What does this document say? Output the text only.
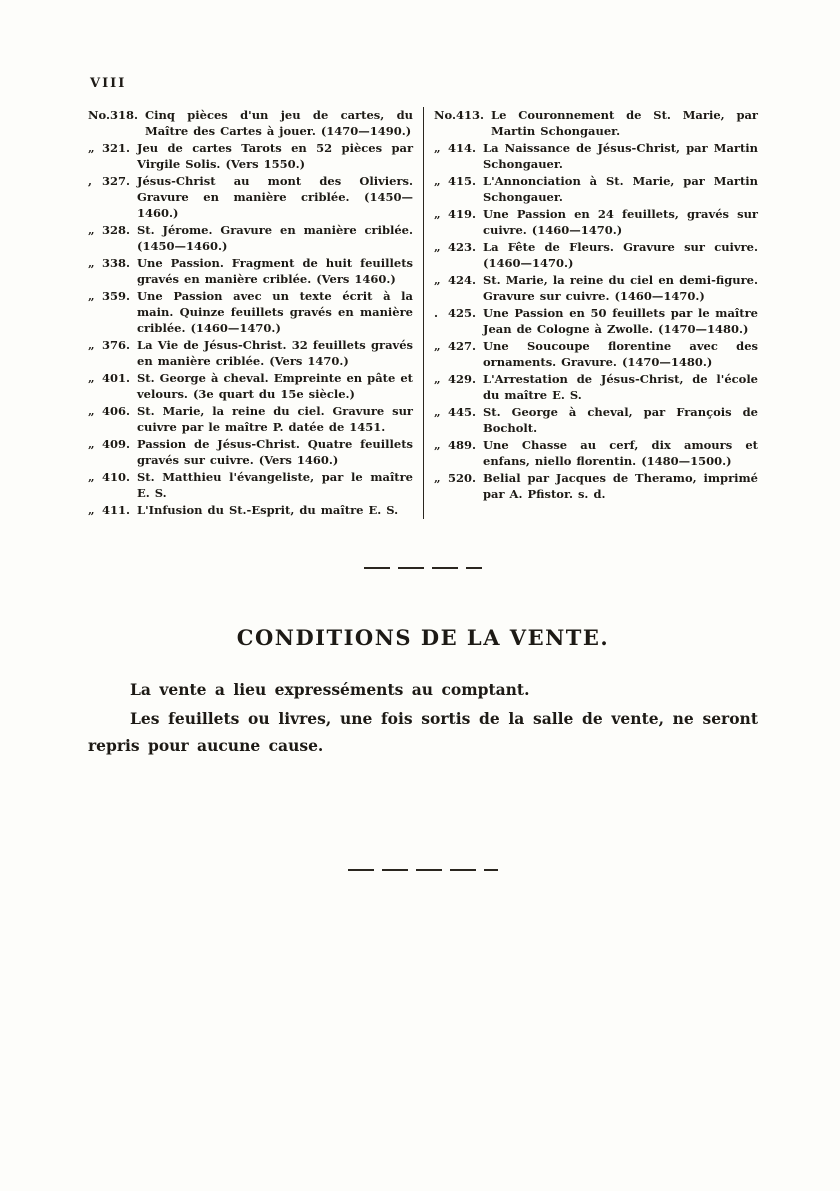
VIII
No. 318. Cinq pièces d'un jeu de cartes, du Maître des Cartes à jouer. (1470—1490.)
„ 321. Jeu de cartes Tarots en 52 pièces par Virgile Solis. (Vers 1550.)
, 327. Jésus-Christ au mont des Oliviers. Gravure en manière criblée. (1450—1460.)
„ 328. St. Jérome. Gravure en manière criblée. (1450—1460.)
„ 338. Une Passion. Fragment de huit feuillets gravés en manière criblée. (Vers 1460.)
„ 359. Une Passion avec un texte écrit à la main. Quinze feuillets gravés en manière criblée. (1460—1470.)
„ 376. La Vie de Jésus-Christ. 32 feuillets gravés en manière criblée. (Vers 1470.)
„ 401. St. George à cheval. Empreinte en pâte et velours. (3e quart du 15e siècle.)
„ 406. St. Marie, la reine du ciel. Gravure sur cuivre par le maître P. datée de 1451.
„ 409. Passion de Jésus-Christ. Quatre feuillets gravés sur cuivre. (Vers 1460.)
„ 410. St. Matthieu l'évangeliste, par le maître E. S.
„ 411. L'Infusion du St.-Esprit, du maître E. S.
No. 413. Le Couronnement de St. Marie, par Martin Schongauer.
„ 414. La Naissance de Jésus-Christ, par Martin Schongauer.
„ 415. L'Annonciation à St. Marie, par Martin Schongauer.
„ 419. Une Passion en 24 feuillets, gravés sur cuivre. (1460—1470.)
„ 423. La Fête de Fleurs. Gravure sur cuivre. (1460—1470.)
„ 424. St. Marie, la reine du ciel en demi-figure. Gravure sur cuivre. (1460—1470.)
. 425. Une Passion en 50 feuillets par le maître Jean de Cologne à Zwolle. (1470—1480.)
„ 427. Une Soucoupe florentine avec des ornaments. Gravure. (1470—1480.)
„ 429. L'Arrestation de Jésus-Christ, de l'école du maître E. S.
„ 445. St. George à cheval, par François de Bocholt.
„ 489. Une Chasse au cerf, dix amours et enfans, niello florentin. (1480—1500.)
„ 520. Belial par Jacques de Theramo, imprimé par A. Pfistor. s. d.
CONDITIONS DE LA VENTE.

La vente a lieu expresséments au comptant.

Les feuillets ou livres, une fois sortis de la salle de vente, ne seront repris pour aucune cause.
